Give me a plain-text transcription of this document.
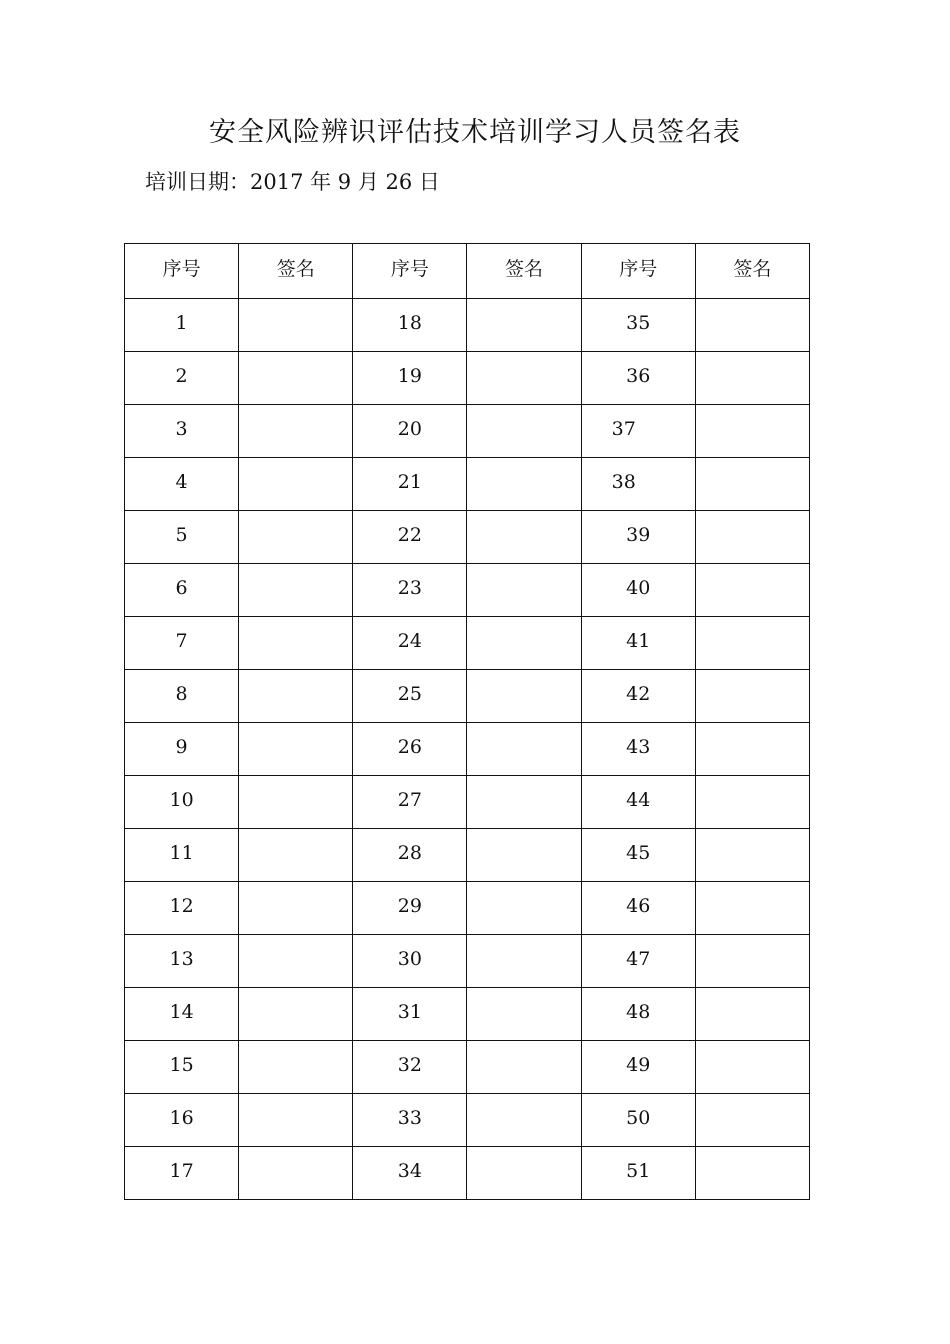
安全风险辨识评估技术培训学习人员签名表
培训日期：2017 年 9 月 26 日
序号	签名	序号	签名	序号	签名
1		18		35	
2		19		36	
3		20		37	
4		21		38	
5		22		39	
6		23		40	
7		24		41	
8		25		42	
9		26		43	
10		27		44	
11		28		45	
12		29		46	
13		30		47	
14		31		48	
15		32		49	
16		33		50	
17		34		51	
